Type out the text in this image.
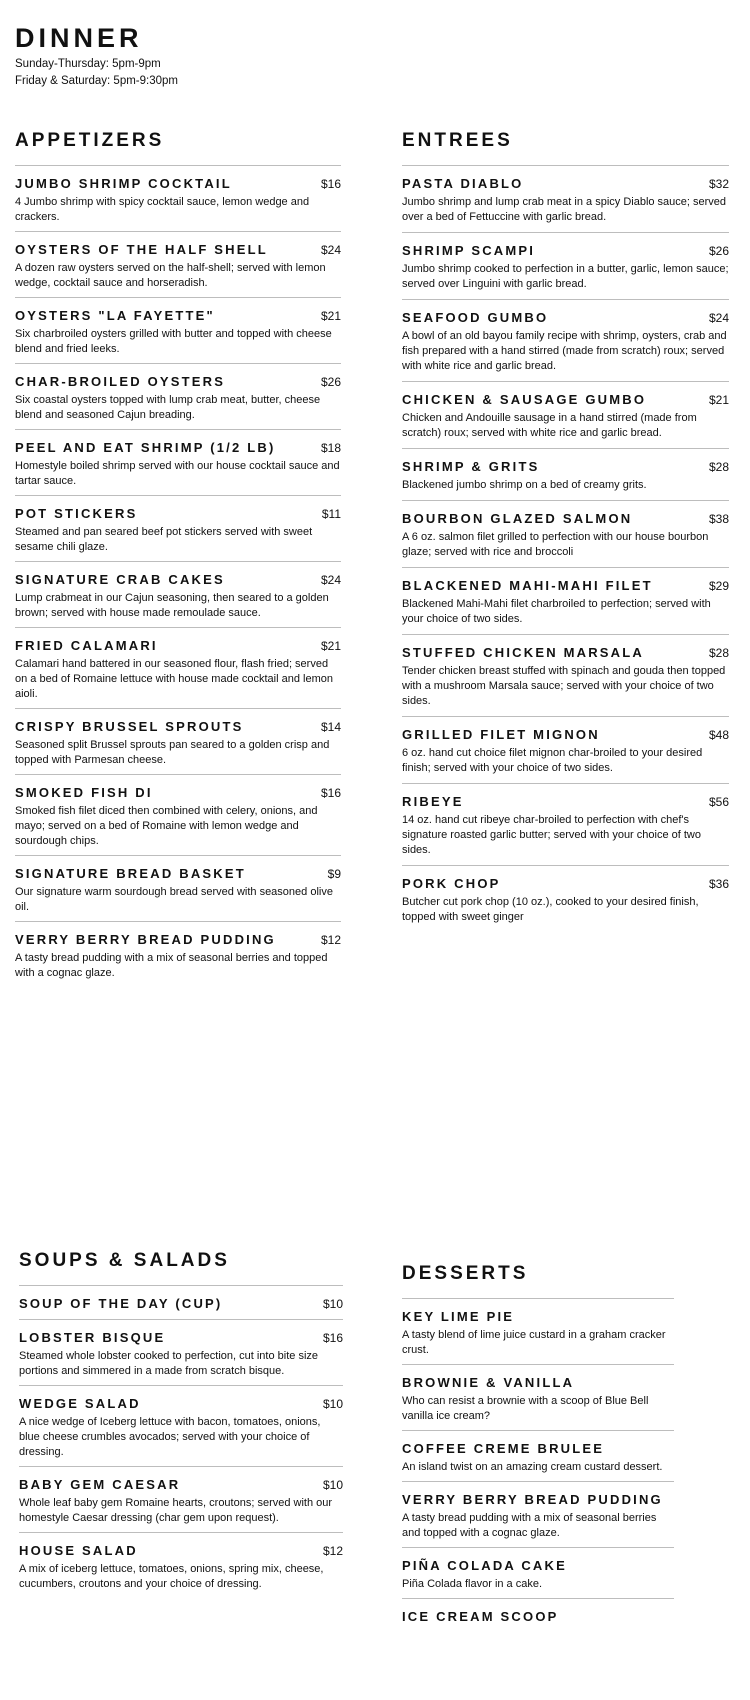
DINNER
Sunday-Thursday: 5pm-9pm
Friday & Saturday: 5pm-9:30pm
APPETIZERS
JUMBO SHRIMP COCKTAIL	$16
4 Jumbo shrimp with spicy cocktail sauce, lemon wedge and crackers.
OYSTERS OF THE HALF SHELL	$24
A dozen raw oysters served on the half-shell; served with lemon wedge, cocktail sauce and horseradish.
OYSTERS "LA FAYETTE"	$21
Six charbroiled oysters grilled with butter and topped with cheese blend and fried leeks.
CHAR-BROILED OYSTERS	$26
Six coastal oysters topped with lump crab meat, butter, cheese blend and seasoned Cajun breading.
PEEL AND EAT SHRIMP (1/2 LB)	$18
Homestyle boiled shrimp served with our house cocktail sauce and tartar sauce.
POT STICKERS	$11
Steamed and pan seared beef pot stickers served with sweet sesame chili glaze.
SIGNATURE CRAB CAKES	$24
Lump crabmeat in our Cajun seasoning, then seared to a golden brown; served with house made remoulade sauce.
FRIED CALAMARI	$21
Calamari hand battered in our seasoned flour, flash fried; served on a bed of Romaine lettuce with house made cocktail and lemon aioli.
CRISPY BRUSSEL SPROUTS	$14
Seasoned split Brussel sprouts pan seared to a golden crisp and topped with Parmesan cheese.
SMOKED FISH DI	$16
Smoked fish filet diced then combined with celery, onions, and mayo; served on a bed of Romaine with lemon wedge and sourdough chips.
SIGNATURE BREAD BASKET	$9
Our signature warm sourdough bread served with seasoned olive oil.
VERRY BERRY BREAD PUDDING	$12
A tasty bread pudding with a mix of seasonal berries and topped with a cognac glaze.
ENTREES
PASTA DIABLO	$32
Jumbo shrimp and lump crab meat in a spicy Diablo sauce; served over a bed of Fettuccine with garlic bread.
SHRIMP SCAMPI	$26
Jumbo shrimp cooked to perfection in a butter, garlic, lemon sauce; served over Linguini with garlic bread.
SEAFOOD GUMBO	$24
A bowl of an old bayou family recipe with shrimp, oysters, crab and fish prepared with a hand stirred (made from scratch) roux; served with white rice and garlic bread.
CHICKEN & SAUSAGE GUMBO	$21
Chicken and Andouille sausage in a hand stirred (made from scratch) roux; served with white rice and garlic bread.
SHRIMP & GRITS	$28
Blackened jumbo shrimp on a bed of creamy grits.
BOURBON GLAZED SALMON	$38
A 6 oz. salmon filet grilled to perfection with our house bourbon glaze; served with rice and broccoli
BLACKENED MAHI-MAHI FILET	$29
Blackened Mahi-Mahi filet charbroiled to perfection; served with your choice of two sides.
STUFFED CHICKEN MARSALA	$28
Tender chicken breast stuffed with spinach and gouda then topped with a mushroom Marsala sauce; served with your choice of two sides.
GRILLED FILET MIGNON	$48
6 oz. hand cut choice filet mignon char-broiled to your desired finish; served with your choice of two sides.
RIBEYE	$56
14 oz. hand cut ribeye char-broiled to perfection with chef's signature roasted garlic butter; served with your choice of two sides.
PORK CHOP	$36
Butcher cut pork chop (10 oz.), cooked to your desired finish, topped with sweet ginger
SOUPS & SALADS
SOUP OF THE DAY (CUP)	$10
LOBSTER BISQUE	$16
Steamed whole lobster cooked to perfection, cut into bite size portions and simmered in a made from scratch bisque.
WEDGE SALAD	$10
A nice wedge of Iceberg lettuce with bacon, tomatoes, onions, blue cheese crumbles avocados; served with your choice of dressing.
BABY GEM CAESAR	$10
Whole leaf baby gem Romaine hearts, croutons; served with our homestyle Caesar dressing (char gem upon request).
HOUSE SALAD	$12
A mix of iceberg lettuce, tomatoes, onions, spring mix, cheese, cucumbers, croutons and your choice of dressing.
DESSERTS
KEY LIME PIE
A tasty blend of lime juice custard in a graham cracker crust.
BROWNIE & VANILLA
Who can resist a brownie with a scoop of Blue Bell vanilla ice cream?
COFFEE CREME BRULEE
An island twist on an amazing cream custard dessert.
VERRY BERRY BREAD PUDDING
A tasty bread pudding with a mix of seasonal berries and topped with a cognac glaze.
PIÑA COLADA CAKE
Piña Colada flavor in a cake.
ICE CREAM SCOOP
